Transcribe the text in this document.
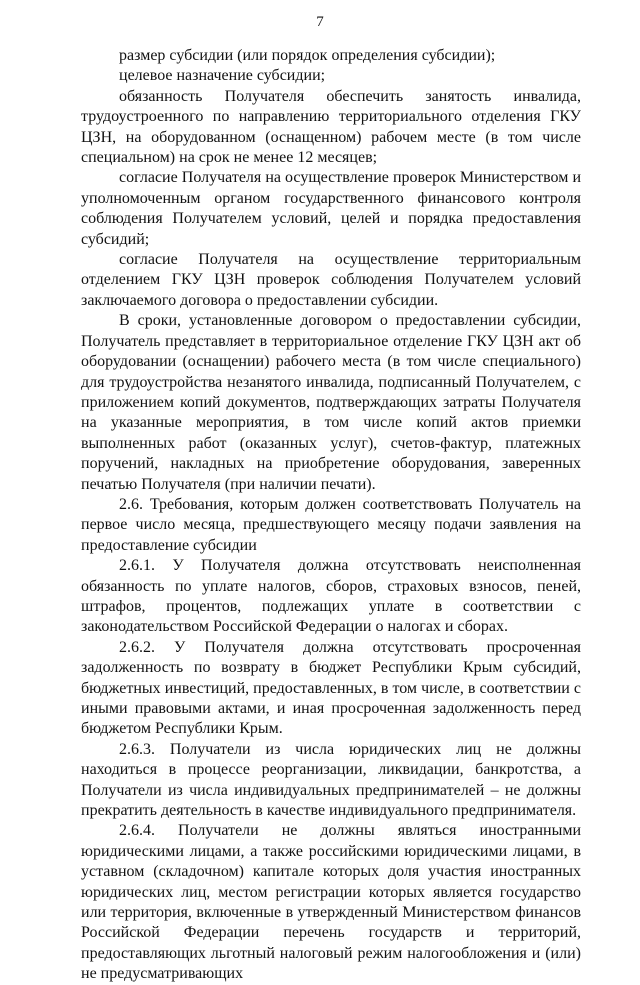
7

размер субсидии (или порядок определения субсидии);

целевое назначение субсидии;

обязанность Получателя обеспечить занятость инвалида, трудоустроенного по направлению территориального отделения ГКУ ЦЗН, на оборудованном (оснащенном) рабочем месте (в том числе специальном) на срок не менее 12 месяцев;

согласие Получателя на осуществление проверок Министерством и уполномоченным органом государственного финансового контроля соблюдения Получателем условий, целей и порядка предоставления субсидий;

согласие Получателя на осуществление территориальным отделением ГКУ ЦЗН проверок соблюдения Получателем условий заключаемого договора о предоставлении субсидии.

В сроки, установленные договором о предоставлении субсидии, Получатель представляет в территориальное отделение ГКУ ЦЗН акт об оборудовании (оснащении) рабочего места (в том числе специального) для трудоустройства незанятого инвалида, подписанный Получателем, с приложением копий документов, подтверждающих затраты Получателя на указанные мероприятия, в том числе копий актов приемки выполненных работ (оказанных услуг), счетов-фактур, платежных поручений, накладных на приобретение оборудования, заверенных печатью Получателя (при наличии печати).

2.6. Требования, которым должен соответствовать Получатель на первое число месяца, предшествующего месяцу подачи заявления на предоставление субсидии

2.6.1. У Получателя должна отсутствовать неисполненная обязанность по уплате налогов, сборов, страховых взносов, пеней, штрафов, процентов, подлежащих уплате в соответствии с законодательством Российской Федерации о налогах и сборах.

2.6.2. У Получателя должна отсутствовать просроченная задолженность по возврату в бюджет Республики Крым субсидий, бюджетных инвестиций, предоставленных, в том числе, в соответствии с иными правовыми актами, и иная просроченная задолженность перед бюджетом Республики Крым.

2.6.3. Получатели из числа юридических лиц не должны находиться в процессе реорганизации, ликвидации, банкротства, а Получатели из числа индивидуальных предпринимателей – не должны прекратить деятельность в качестве индивидуального предпринимателя.

2.6.4. Получатели не должны являться иностранными юридическими лицами, а также российскими юридическими лицами, в уставном (складочном) капитале которых доля участия иностранных юридических лиц, местом регистрации которых является государство или территория, включенные в утвержденный Министерством финансов Российской Федерации перечень государств и территорий, предоставляющих льготный налоговый режим налогообложения и (или) не предусматривающих
